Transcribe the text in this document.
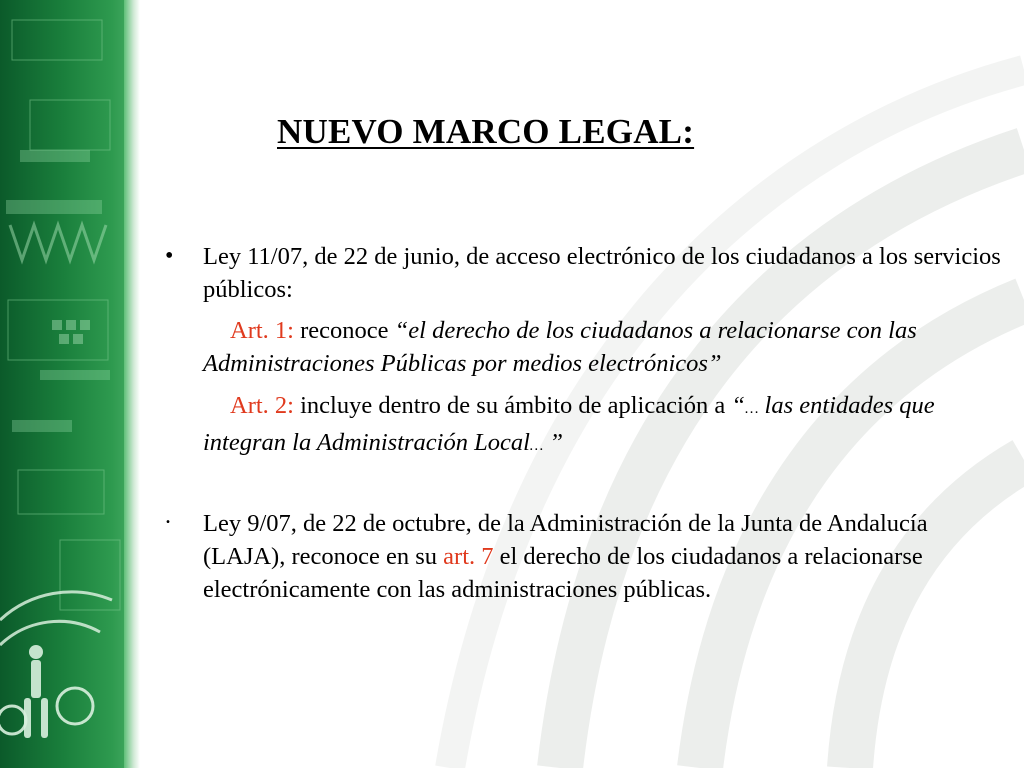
NUEVO MARCO LEGAL:
• Ley 11/07, de 22 de junio, de acceso electrónico de los ciudadanos a los servicios públicos:
Art. 1: reconoce “el derecho de los ciudadanos a relacionarse con las Administraciones Públicas por medios electrónicos”
Art. 2: incluye dentro de su ámbito de aplicación a “… las entidades que integran la Administración Local… ”
. Ley 9/07, de 22 de octubre, de la Administración de la Junta de Andalucía (LAJA), reconoce en su art. 7 el derecho de los ciudadanos a relacionarse electrónicamente con las administraciones públicas.
